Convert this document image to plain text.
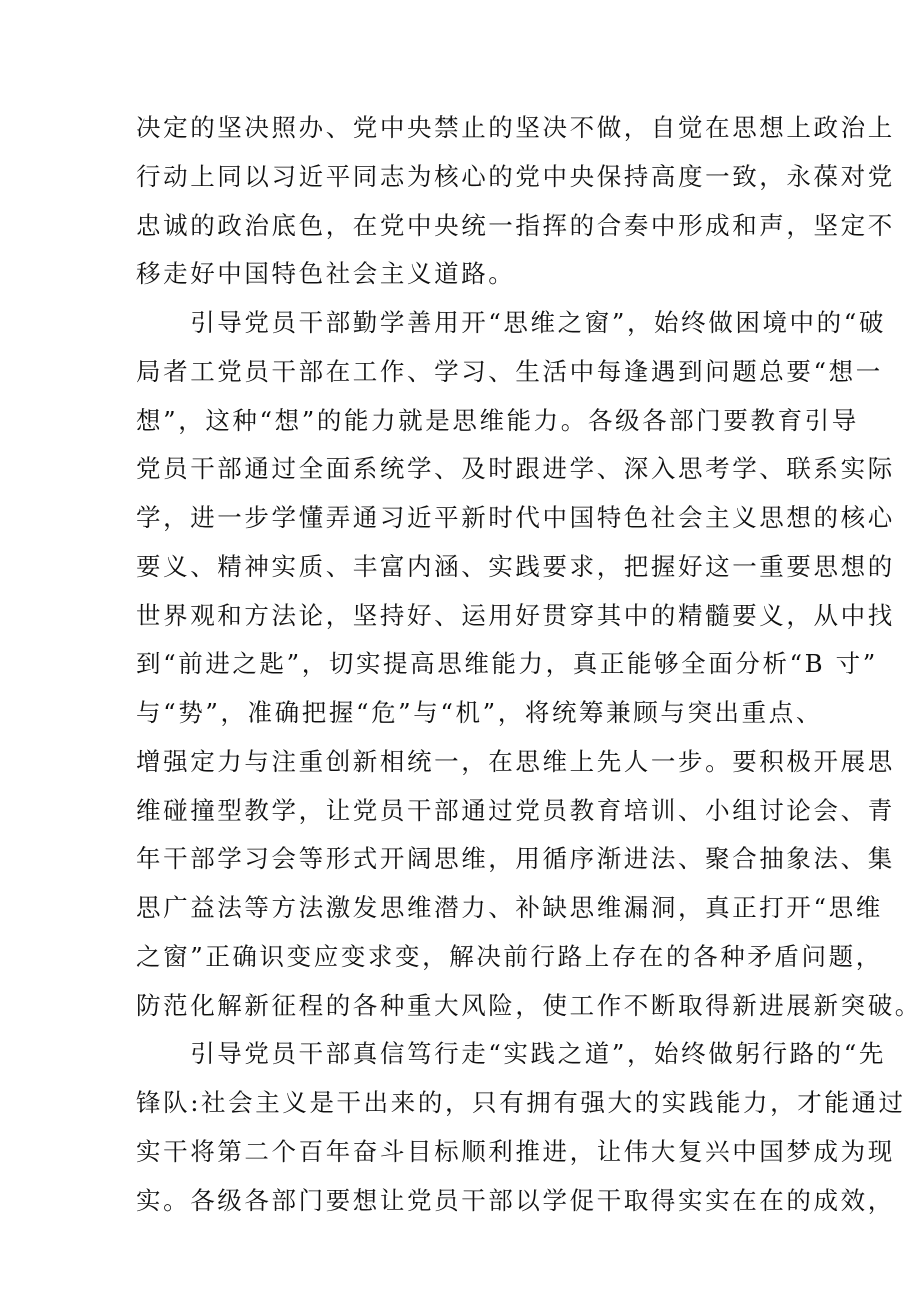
决定的坚决照办、党中央禁止的坚决不做，自觉在思想上政治上
行动上同以习近平同志为核心的党中央保持高度一致，永葆对党
忠诚的政治底色，在党中央统一指挥的合奏中形成和声，坚定不
移走好中国特色社会主义道路。
　　引导党员干部勤学善用开“思维之窗”，始终做困境中的“破
局者工党员干部在工作、学习、生活中每逢遇到问题总要“想一
想”，这种“想”的能力就是思维能力。各级各部门要教育引导
党员干部通过全面系统学、及时跟进学、深入思考学、联系实际
学，进一步学懂弄通习近平新时代中国特色社会主义思想的核心
要义、精神实质、丰富内涵、实践要求，把握好这一重要思想的
世界观和方法论，坚持好、运用好贯穿其中的精髓要义，从中找
到“前进之匙”，切实提高思维能力，真正能够全面分析“B 寸”
与“势”，准确把握“危”与“机”，将统筹兼顾与突出重点、
增强定力与注重创新相统一，在思维上先人一步。要积极开展思
维碰撞型教学，让党员干部通过党员教育培训、小组讨论会、青
年干部学习会等形式开阔思维，用循序渐进法、聚合抽象法、集
思广益法等方法激发思维潜力、补缺思维漏洞，真正打开“思维
之窗”正确识变应变求变，解决前行路上存在的各种矛盾问题，
防范化解新征程的各种重大风险，使工作不断取得新进展新突破。
　　引导党员干部真信笃行走“实践之道”，始终做躬行路的“先
锋队:社会主义是干出来的，只有拥有强大的实践能力，才能通过
实干将第二个百年奋斗目标顺利推进，让伟大复兴中国梦成为现
实。各级各部门要想让党员干部以学促干取得实实在在的成效，
